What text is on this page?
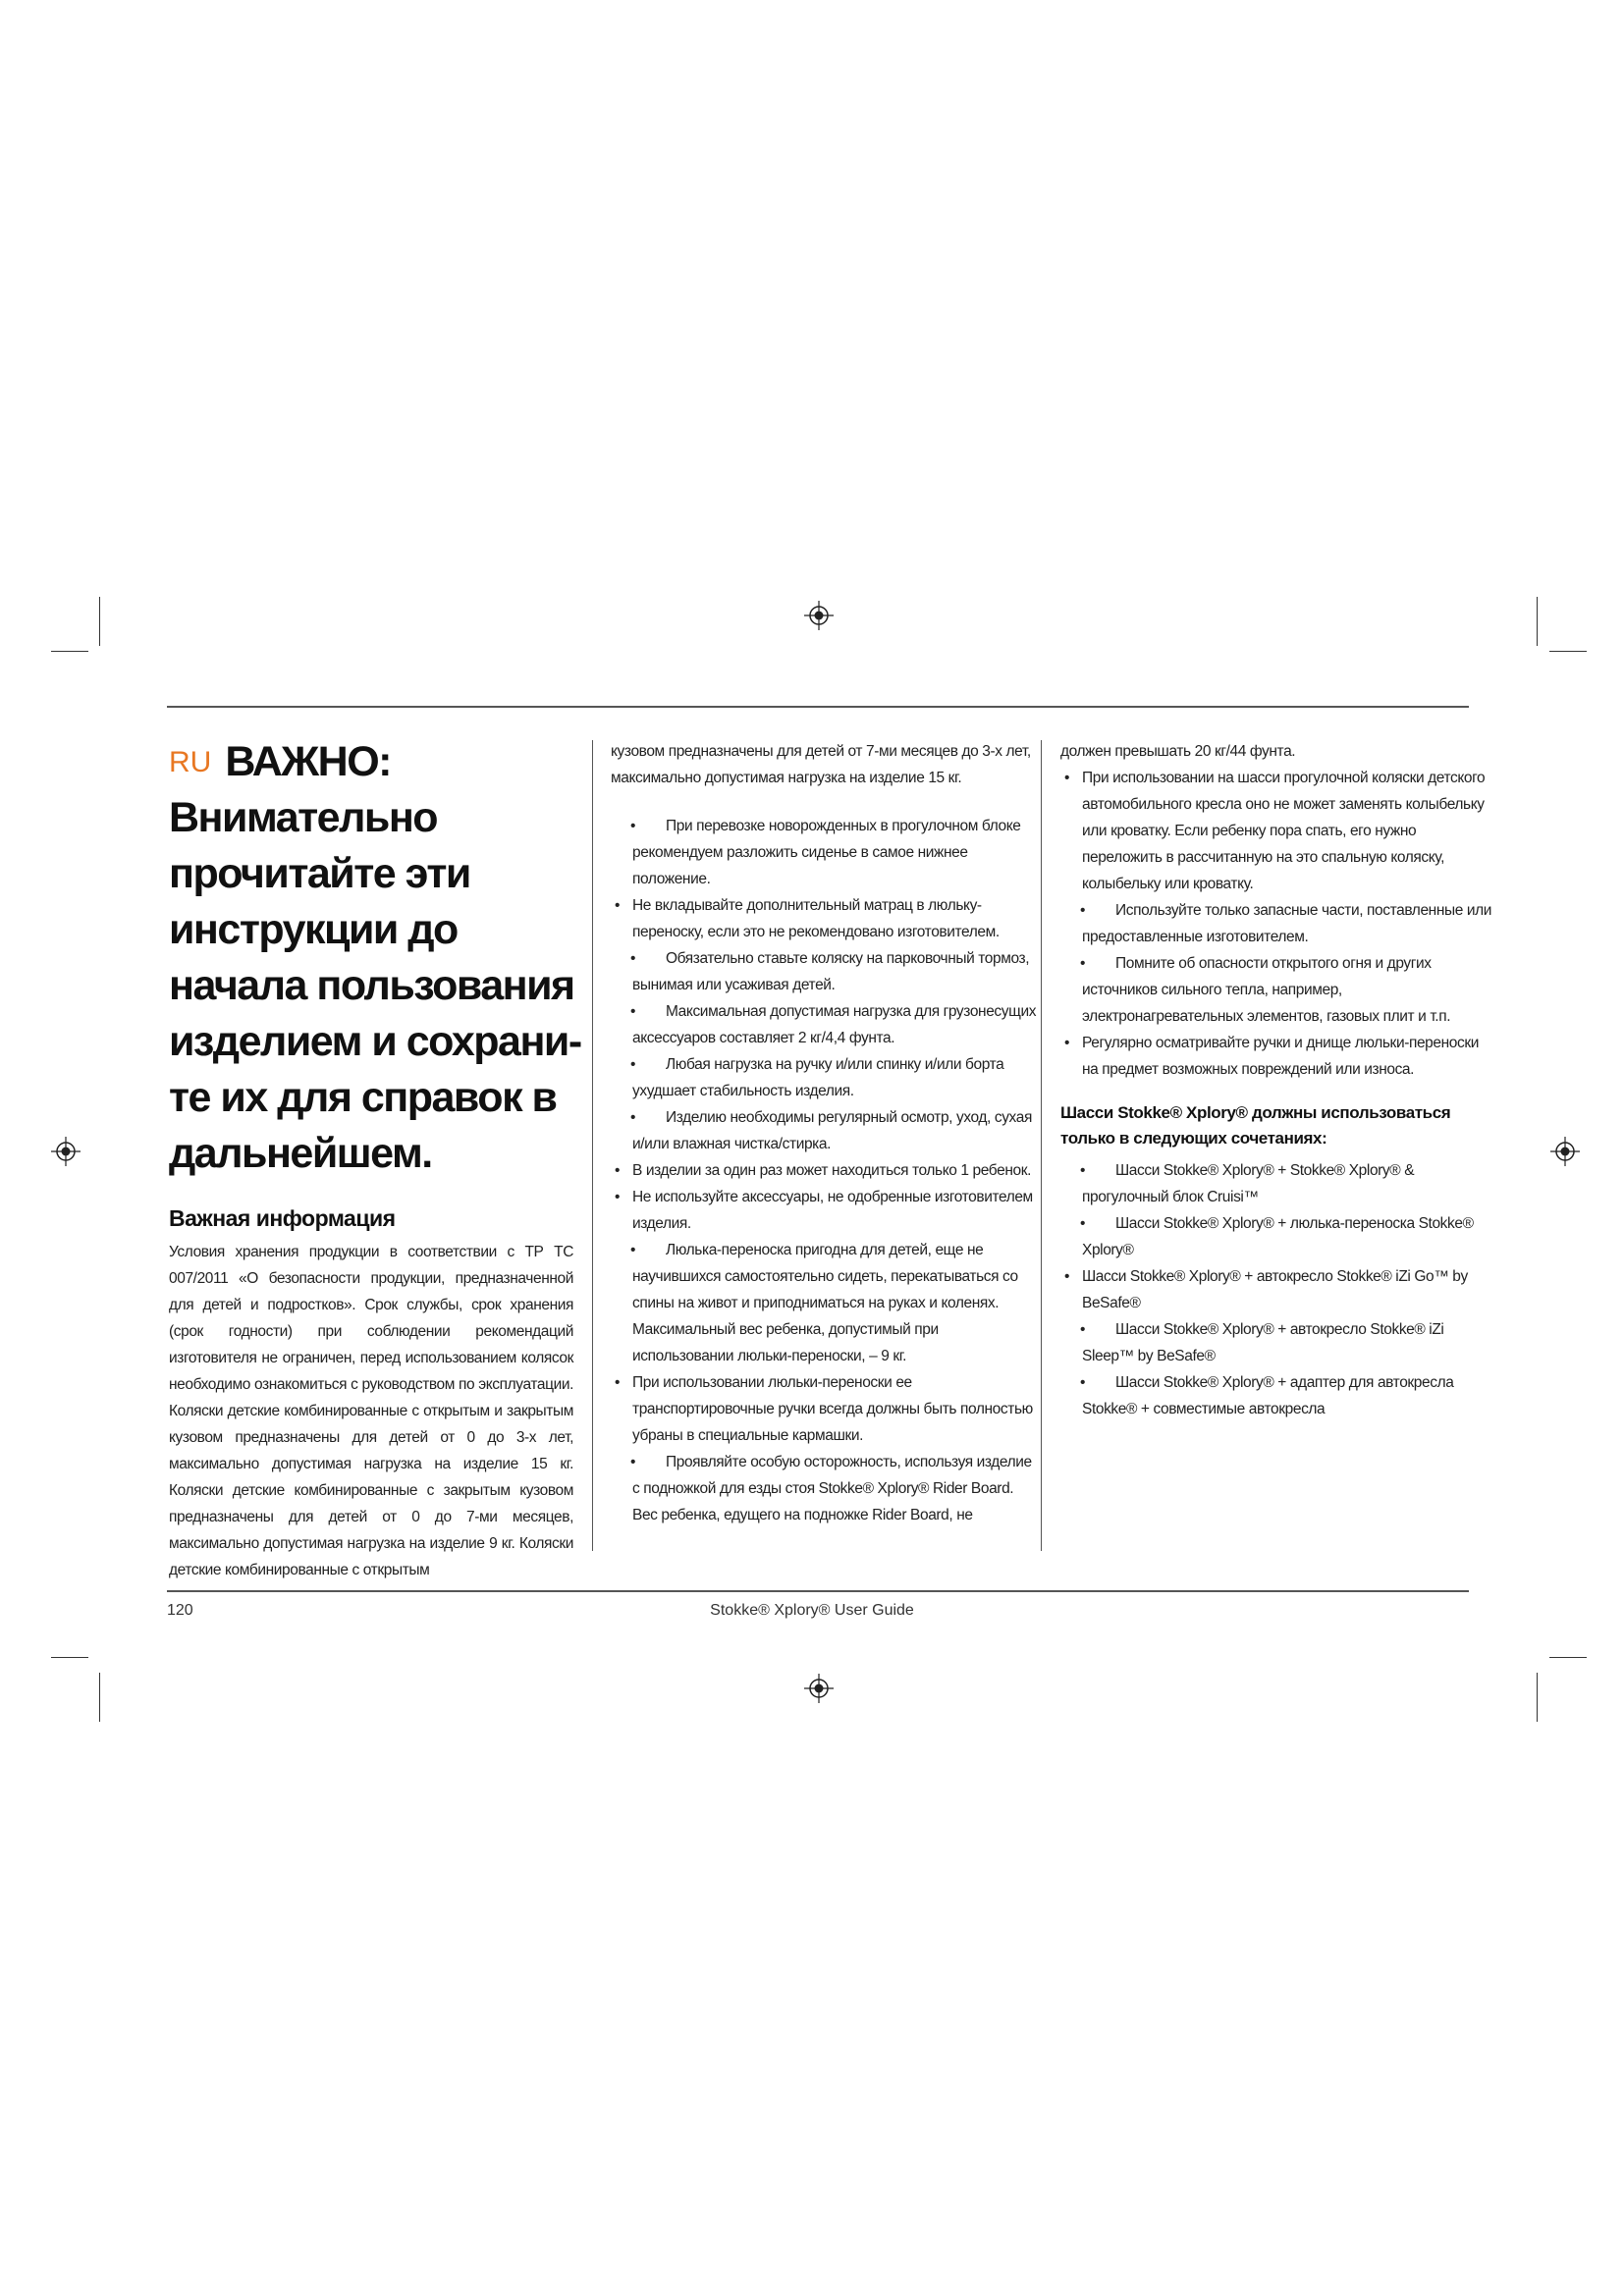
RU ВАЖНО: Внимательно прочитайте эти инструкции до начала пользования изделием и сохрани-те их для справок в дальнейшем.
Важная информация

Условия хранения продукции в соответствии с ТР ТС 007/2011 «О безопасности продукции, предназначенной для детей и подростков». Срок службы, срок хранения (срок годности) при соблюдении рекомендаций изготовителя не ограничен, перед использованием колясок необходимо ознакомиться с руководством по эксплуатации. Коляски детские комбинированные с открытым и закрытым кузовом предназначены для детей от 0 до 3-х лет, максимально допустимая нагрузка на изделие 15 кг. Коляски детские комбинированные с закрытым кузовом предназначены для детей от 0 до 7-ми месяцев, максимально допустимая нагрузка на изделие 9 кг. Коляски детские комбинированные с открытым

кузовом предназначены для детей от 7-ми месяцев до 3-х лет, максимально допустимая нагрузка на изделие 15 кг.

• При перевозке новорожденных в прогулочном блоке рекомендуем разложить сиденье в самое нижнее положение.
• Не вкладывайте дополнительный матрац в люльку-переноску, если это не рекомендовано изготовителем.
• Обязательно ставьте коляску на парковочный тормоз, вынимая или усаживая детей.
• Максимальная допустимая нагрузка для грузонесущих аксессуаров составляет 2 кг/4,4 фунта.
• Любая нагрузка на ручку и/или спинку и/или борта ухудшает стабильность изделия.
• Изделию необходимы регулярный осмотр, уход, сухая и/или влажная чистка/стирка.
• В изделии за один раз может находиться только 1 ребенок.
• Не используйте аксессуары, не одобренные изготовителем изделия.
• Люлька-переноска пригодна для детей, еще не научившихся самостоятельно сидеть, перекатываться со спины на живот и приподниматься на руках и коленях. Максимальный вес ребенка, допустимый при использовании люльки-переноски, – 9 кг.
• При использовании люльки-переноски ее транспортировочные ручки всегда должны быть полностью убраны в специальные кармашки.
• Проявляйте особую осторожность, используя изделие с подножкой для езды стоя Stokke® Xplory® Rider Board. Вес ребенка, едущего на подножке Rider Board, не

должен превышать 20 кг/44 фунта.

• При использовании на шасси прогулочной коляски детского автомобильного кресла оно не может заменять колыбельку или кроватку. Если ребенку пора спать, его нужно переложить в рассчитанную на это спальную коляску, колыбельку или кроватку.
• Используйте только запасные части, поставленные или предоставленные изготовителем.
• Помните об опасности открытого огня и других источников сильного тепла, например, электронагревательных элементов, газовых плит и т.п.
• Регулярно осматривайте ручки и днище люльки-переноски на предмет возможных повреждений или износа.
Шасси Stokke® Xplory® должны использоваться только в следующих сочетаниях:
• Шасси Stokke® Xplory® + Stokke® Xplory® & прогулочный блок Cruisi™
• Шасси Stokke® Xplory® + люлька-переноска Stokke® Xplory®
• Шасси Stokke® Xplory® + автокресло Stokke® iZi Go™ by BeSafe®
• Шасси Stokke® Xplory® + автокресло Stokke® iZi Sleep™ by BeSafe®
• Шасси Stokke® Xplory® + адаптер для автокресла Stokke® + совместимые автокресла
120	Stokke® Xplory® User Guide
